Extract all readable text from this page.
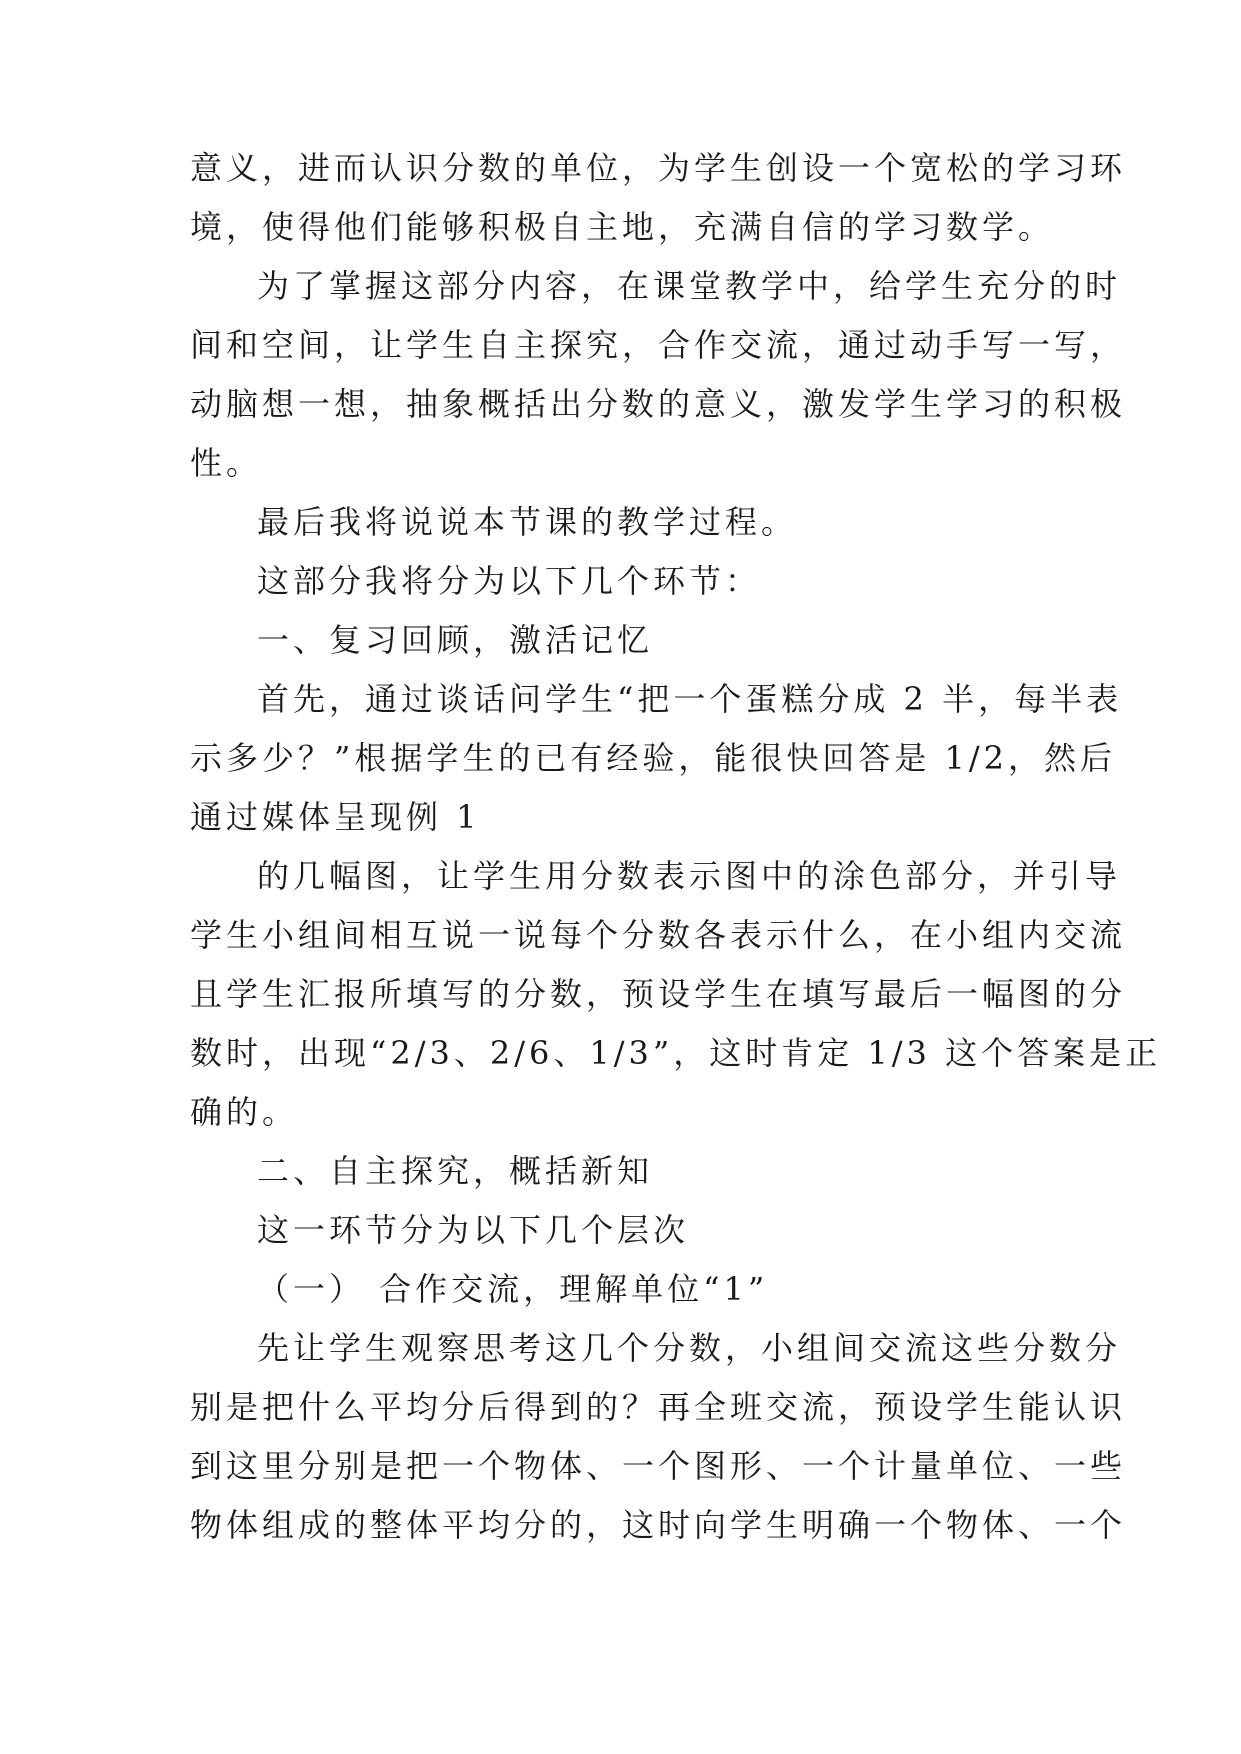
意义，进而认识分数的单位，为学生创设一个宽松的学习环

境，使得他们能够积极自主地，充满自信的学习数学。

为了掌握这部分内容，在课堂教学中，给学生充分的时

间和空间，让学生自主探究，合作交流，通过动手写一写，

动脑想一想，抽象概括出分数的意义，激发学生学习的积极

性。

最后我将说说本节课的教学过程。

这部分我将分为以下几个环节：

一、复习回顾，激活记忆

首先，通过谈话问学生“把一个蛋糕分成 2 半，每半表

示多少？”根据学生的已有经验，能很快回答是 1/2，然后

通过媒体呈现例 1

的几幅图，让学生用分数表示图中的涂色部分，并引导

学生小组间相互说一说每个分数各表示什么，在小组内交流

且学生汇报所填写的分数，预设学生在填写最后一幅图的分

数时，出现“2/3、2/6、1/3”，这时肯定 1/3 这个答案是正

确的。

二、自主探究，概括新知

这一环节分为以下几个层次

（一） 合作交流，理解单位“1”

先让学生观察思考这几个分数，小组间交流这些分数分

别是把什么平均分后得到的？再全班交流，预设学生能认识

到这里分别是把一个物体、一个图形、一个计量单位、一些

物体组成的整体平均分的，这时向学生明确一个物体、一个
